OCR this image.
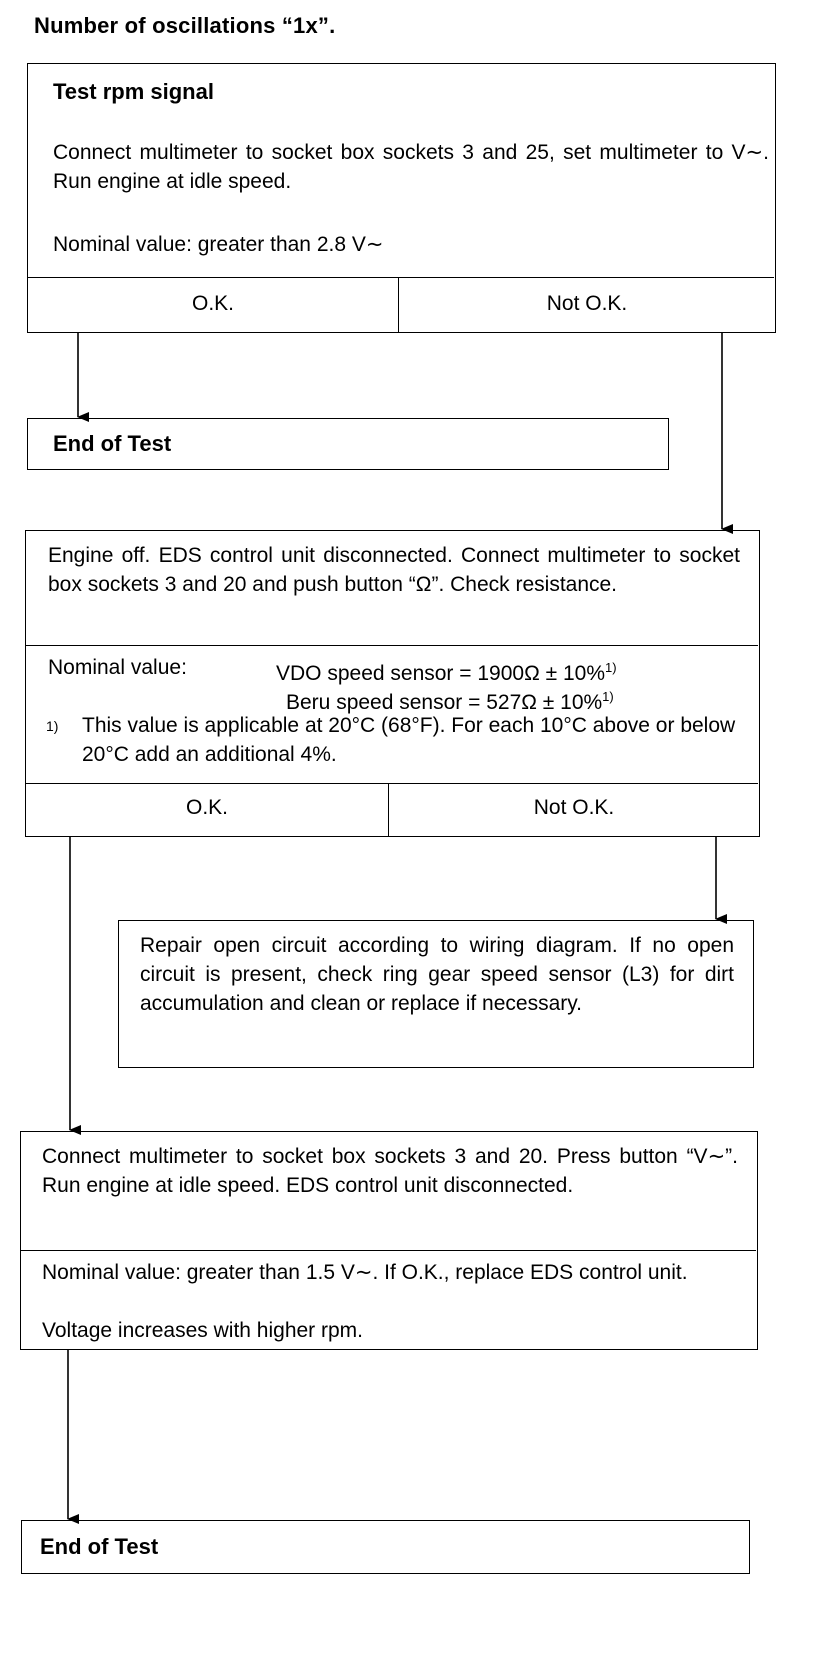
Number of oscillations “1x”.
Test rpm signal
Connect multimeter to socket box sockets 3 and 25, set multimeter to V∼. Run engine at idle speed.
Nominal value: greater than 2.8 V∼
O.K.	Not O.K.
End of Test
Engine off. EDS control unit disconnected. Connect multimeter to socket box sockets 3 and 20 and push button “Ω”. Check resistance.
Nominal value:	VDO speed sensor = 1900Ω ± 10%$^{1)}$
Beru speed sensor = 527Ω ± 10%$^{1)}$
1) This value is applicable at 20°C (68°F). For each 10°C above or below 20°C add an additional 4%.
O.K.	Not O.K.
Repair open circuit according to wiring diagram. If no open circuit is present, check ring gear speed sensor (L3) for dirt accumulation and clean or replace if necessary.
Connect multimeter to socket box sockets 3 and 20. Press button “V∼”. Run engine at idle speed. EDS control unit disconnected.
Nominal value: greater than 1.5 V∼. If O.K., replace EDS control unit.
Voltage increases with higher rpm.
End of Test
